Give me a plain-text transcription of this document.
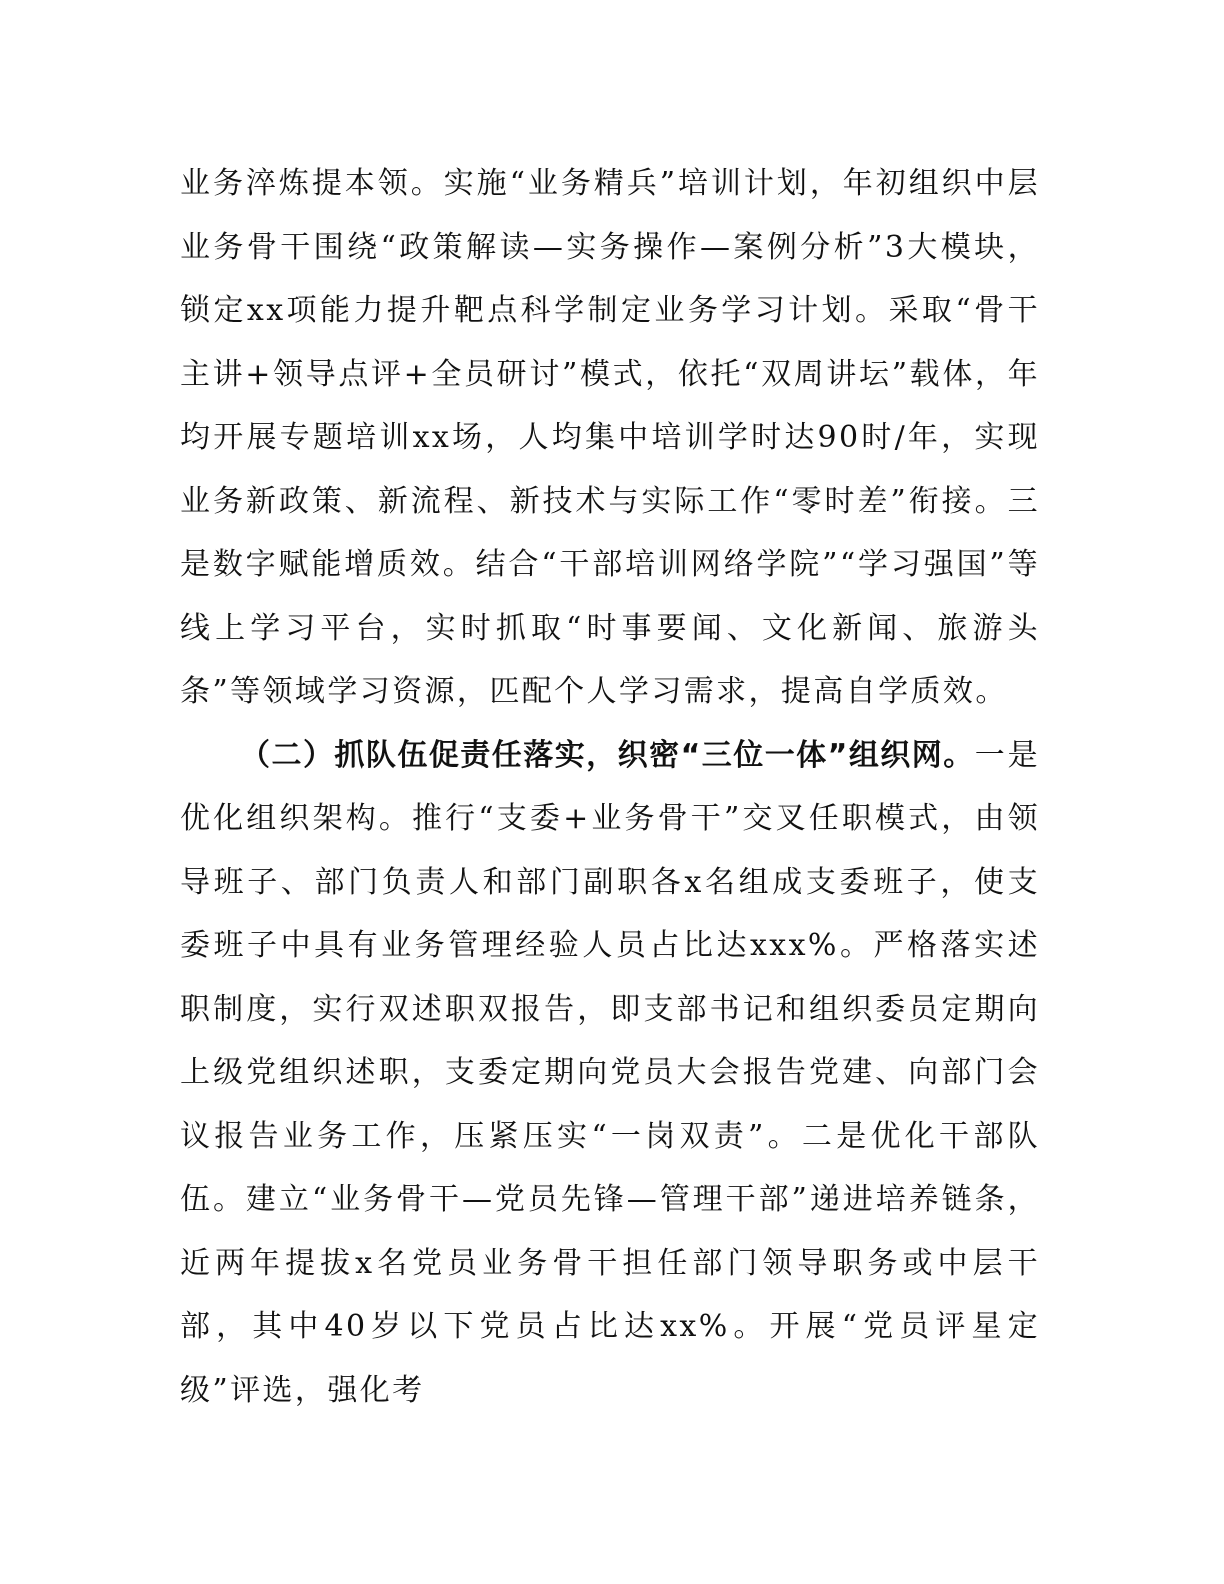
业务淬炼提本领。实施“业务精兵”培训计划，年初组织中层业务骨干围绕“政策解读—实务操作—案例分析”3大模块，锁定xx项能力提升靶点科学制定业务学习计划。采取“骨干主讲+领导点评+全员研讨”模式，依托“双周讲坛”载体，年均开展专题培训xx场，人均集中培训学时达90时/年，实现业务新政策、新流程、新技术与实际工作“零时差”衔接。三是数字赋能增质效。结合“干部培训网络学院”“学习强国”等线上学习平台，实时抓取“时事要闻、文化新闻、旅游头条”等领域学习资源，匹配个人学习需求，提高自学质效。

（二）抓队伍促责任落实，织密“三位一体”组织网。一是优化组织架构。推行“支委+业务骨干”交叉任职模式，由领导班子、部门负责人和部门副职各x名组成支委班子，使支委班子中具有业务管理经验人员占比达xxx%。严格落实述职制度，实行双述职双报告，即支部书记和组织委员定期向上级党组织述职，支委定期向党员大会报告党建、向部门会议报告业务工作，压紧压实“一岗双责”。二是优化干部队伍。建立“业务骨干—党员先锋—管理干部”递进培养链条，近两年提拔x名党员业务骨干担任部门领导职务或中层干部，其中40岁以下党员占比达xx%。开展“党员评星定级”评选，强化考
